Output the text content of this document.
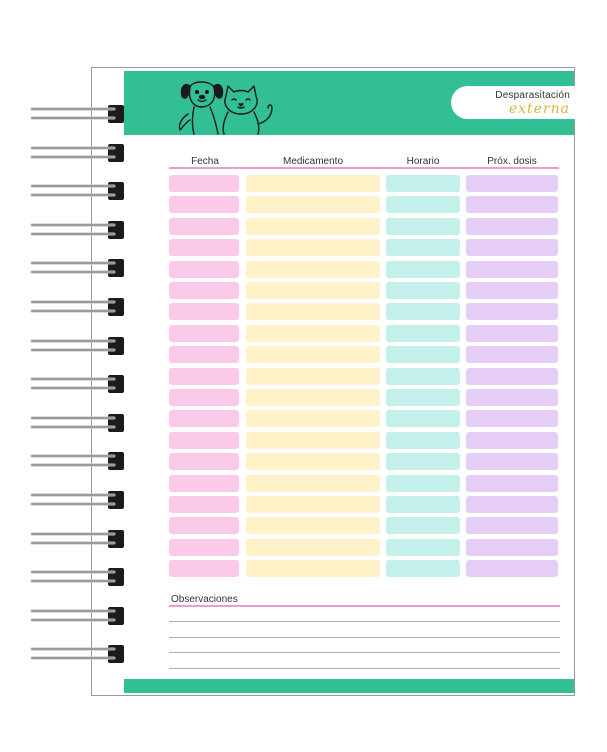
Desparasitación
externa
Fecha	Medicamento	Horario	Próx. dosis
Observaciones
